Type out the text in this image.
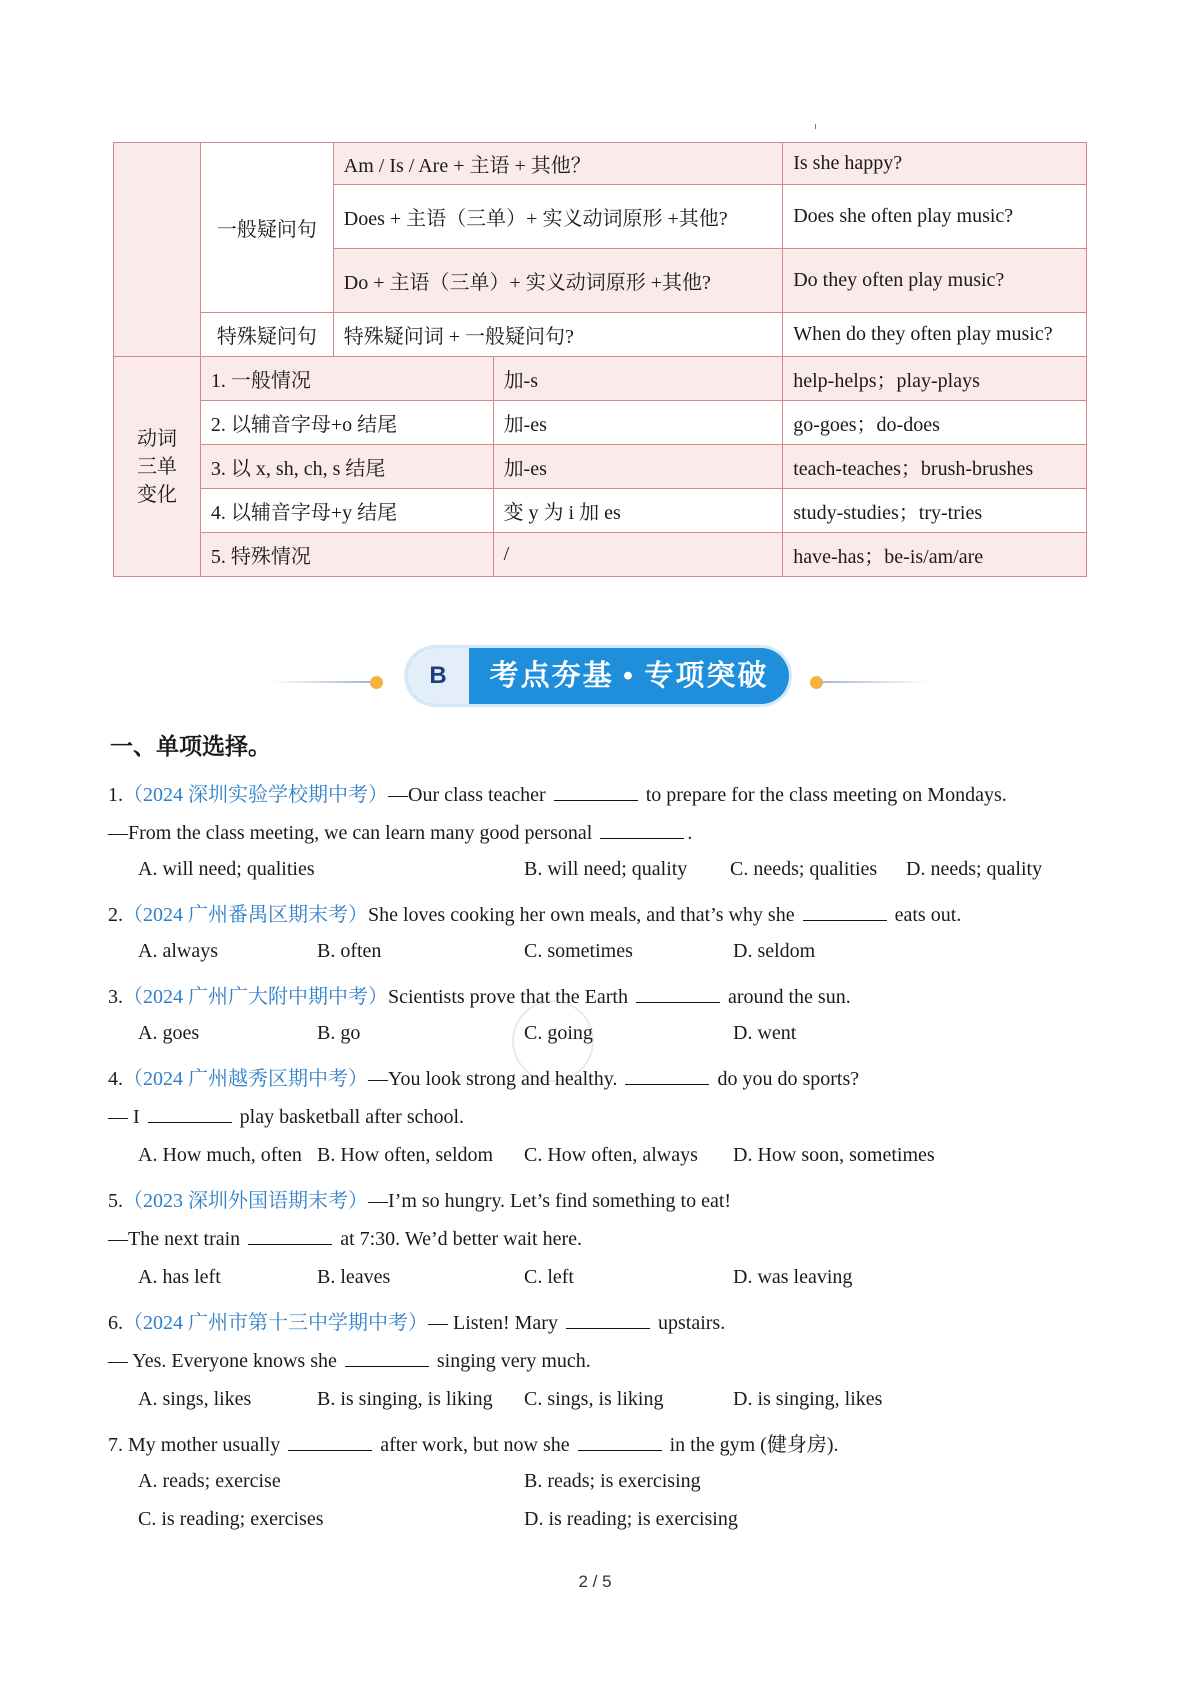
	一般疑问句	Am / Is / Are + 主语 + 其他？		Is she happy?
		Does + 主语（三单）+ 实义动词原形 +其他?		Does she often play music?
		Do + 主语（三单）+ 实义动词原形 +其他?		Do they often play music?
	特殊疑问句	特殊疑问词 + 一般疑问句?		When do they often play music?

动词
三单
变化	1. 一般情况		加-s	help-helps；play-plays
	2. 以辅音字母+o 结尾		加-es	go-goes；do-does
	3. 以 x, sh, ch, s 结尾		加-es	teach-teaches；brush-brushes
	4. 以辅音字母+y 结尾		变 y 为 i 加 es	study-studies；try-tries
	5. 特殊情况		/	have-has；be-is/am/are
B	考点夯基 • 专项突破
一、单项选择。
1.（2024 深圳实验学校期中考）—Our class teacher	to prepare for the class meeting on Mondays.
—From the class meeting, we can learn many good personal	.
A. will need; qualities	B. will need; quality C. needs; qualities D. needs; quality
2.（2024 广州番禺区期末考）She loves cooking her own meals, and that’s why she	eats out.
A. always	B. often	C. sometimes	D. seldom
3.（2024 广州广大附中期中考）Scientists prove that the Earth	around the sun.
A. goes	B. go	C. going	D. went
4.（2024 广州越秀区期中考）—You look strong and healthy.	do you do sports?
— I	play basketball after school.
A. How much, often B. How often, seldom C. How often, always D. How soon, sometimes
5.（2023 深圳外国语期末考）—I’m so hungry. Let’s find something to eat!
—The next train	at 7:30. We’d better wait here.
A. has left	B. leaves	C. left	D. was leaving
6.（2024 广州市第十三中学期中考）— Listen! Mary	upstairs.
— Yes. Everyone knows she	singing very much.
A. sings, likes	B. is singing, is liking C. sings, is liking	D. is singing, likes
7. My mother usually	after work, but now she	in the gym (健身房).
A. reads; exercise	B. reads; is exercising
C. is reading; exercises	D. is reading; is exercising
2 / 5
